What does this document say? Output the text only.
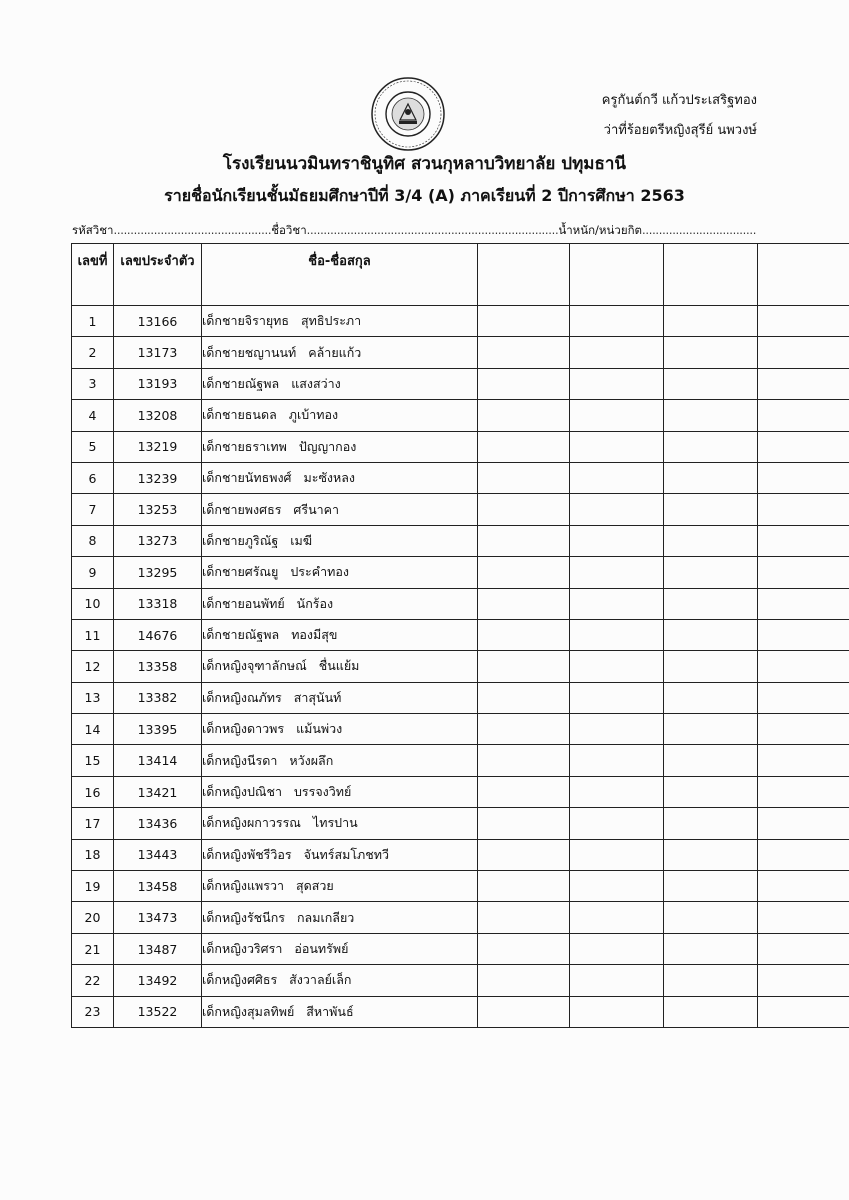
ครูกันต์กวี แก้วประเสริฐทอง
ว่าที่ร้อยตรีหญิงสุรีย์ นพวงษ์
โรงเรียนนวมินทราชินูทิศ สวนกุหลาบวิทยาลัย ปทุมธานี
รายชื่อนักเรียนชั้นมัธยมศึกษาปีที่ 3/4 (A) ภาคเรียนที่ 2 ปีการศึกษา 2563
รหัสวิชา...............................................ชื่อวิชา...........................................................................น้ำหนัก/หน่วยกิต..................................
เลขที่	เลขประจำตัว	ชื่อ-ชื่อสกุล				
1	13166	เด็กชายจิรายุทธ สุทธิประภา				
2	13173	เด็กชายชญานนท์ คล้ายแก้ว				
3	13193	เด็กชายณัฐพล แสงสว่าง				
4	13208	เด็กชายธนดล ภูเบ้าทอง				
5	13219	เด็กชายธราเทพ ปัญญากอง				
6	13239	เด็กชายนัทธพงศ์ มะซังหลง				
7	13253	เด็กชายพงศธร ศรีนาคา				
8	13273	เด็กชายภูริณัฐ เมฆี				
9	13295	เด็กชายศรัณยู ประคำทอง				
10	13318	เด็กชายอนพัทย์ นักร้อง				
11	14676	เด็กชายณัฐพล ทองมีสุข				
12	13358	เด็กหญิงจุฑาลักษณ์ ชื่นแย้ม				
13	13382	เด็กหญิงณภัทร สาสุนันท์				
14	13395	เด็กหญิงดาวพร แม้นพ่วง				
15	13414	เด็กหญิงนีรดา หวังผลึก				
16	13421	เด็กหญิงปณิชา บรรจงวิทย์				
17	13436	เด็กหญิงผกาวรรณ ไทรปาน				
18	13443	เด็กหญิงพัชรีวิอร จันทร์สมโภชทวี				
19	13458	เด็กหญิงแพรวา สุดสวย				
20	13473	เด็กหญิงรัชนีกร กลมเกลียว				
21	13487	เด็กหญิงวริศรา อ่อนทรัพย์				
22	13492	เด็กหญิงศศิธร สังวาลย์เล็ก				
23	13522	เด็กหญิงสุมลทิพย์ สีหาพันธ์				
